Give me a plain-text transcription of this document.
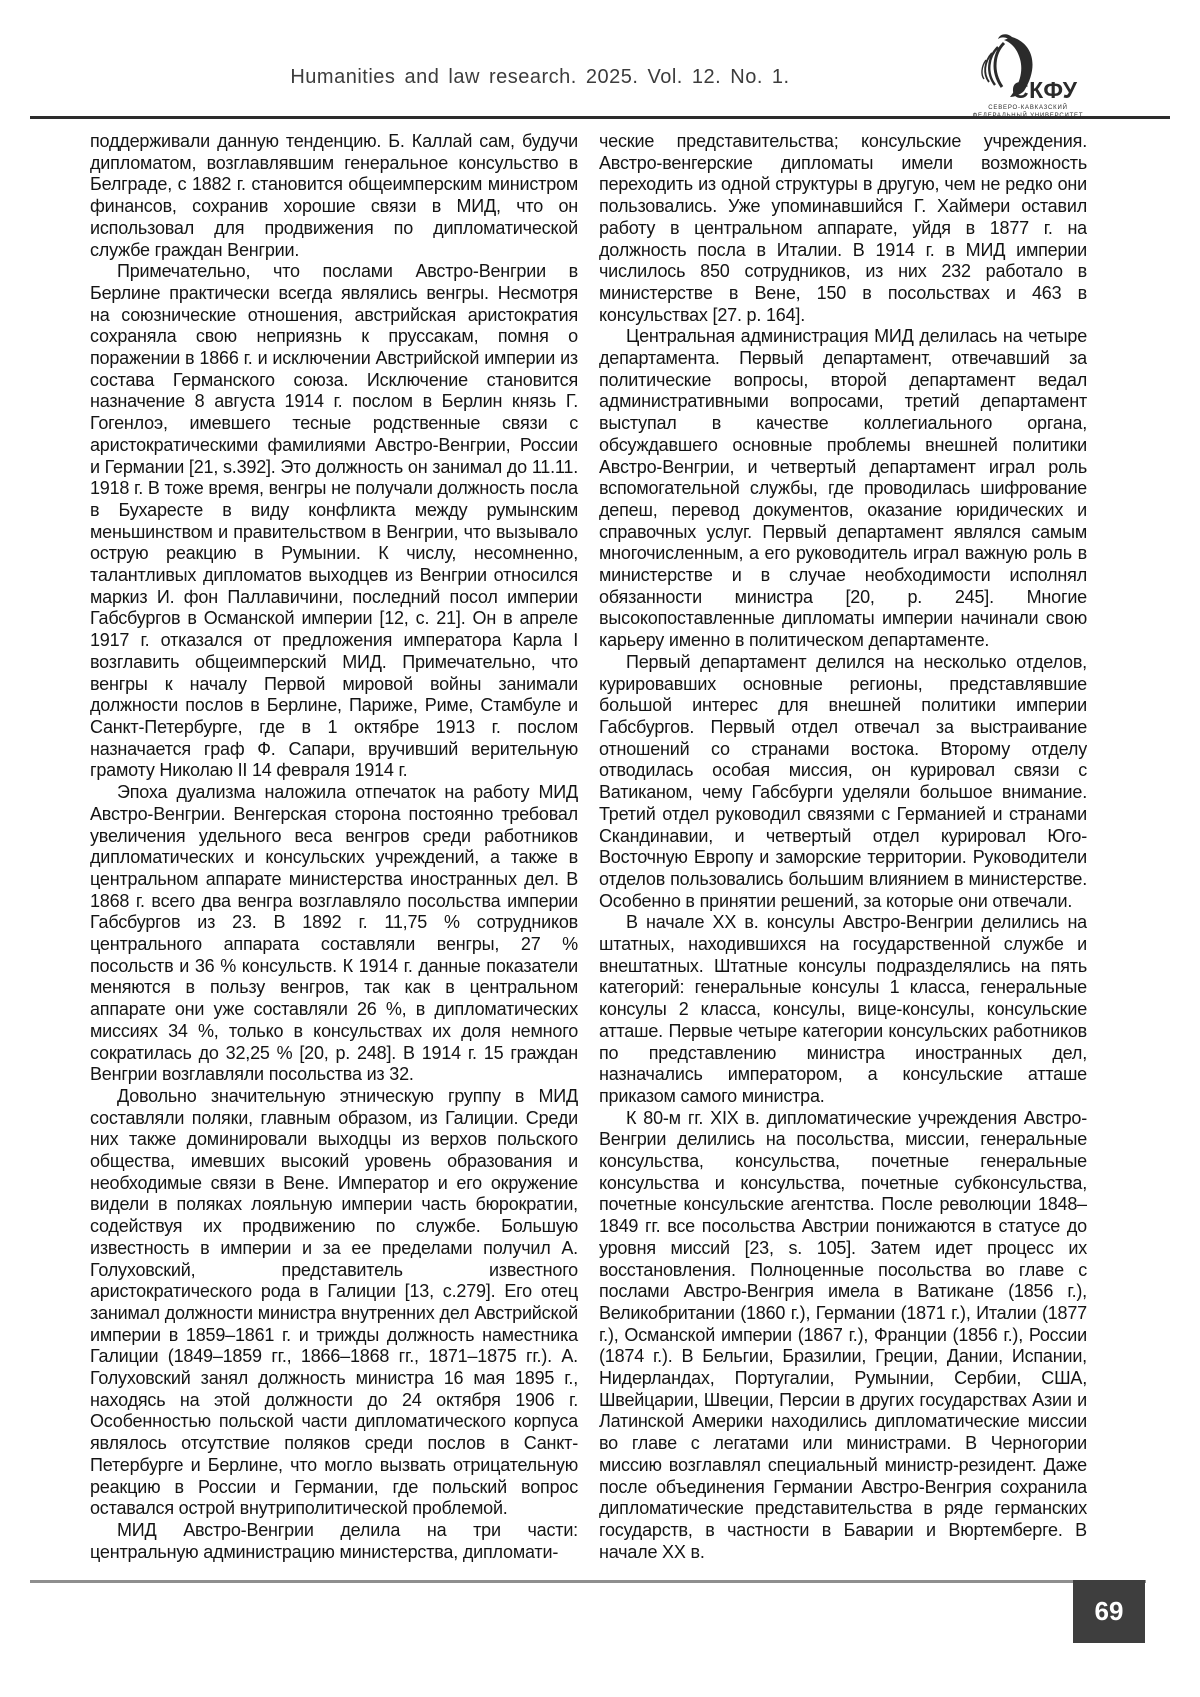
Humanities and law research. 2025. Vol. 12. No. 1.	СКФУ
СЕВЕРО-КАВКАЗСКИЙ

поддерживали данную тенденцию. Б. Каллай сам, будучи дипломатом, возглавлявшим генеральное консульство в Белграде, с 1882 г. становится общеимперским министром финансов, сохранив хорошие связи в МИД, что он использовал для продвижения по дипломатической службе граждан Венгрии.

Примечательно, что послами Австро-Венгрии в Берлине практически всегда являлись венгры. Несмотря на союзнические отношения, австрийская аристократия сохраняла свою неприязнь к пруссакам, помня о поражении в 1866 г. и исключении Австрийской империи из состава Германского союза. Исключение становится назначение 8 августа 1914 г. послом в Берлин князь Г. Гогенлоэ, имевшего тесные родственные связи с аристократическими фамилиями Австро-Венгрии, России и Германии [21, s.392]. Это должность он занимал до 11.11. 1918 г. В тоже время, венгры не получали должность посла в Бухаресте в виду конфликта между румынским меньшинством и правительством в Венгрии, что вызывало острую реакцию в Румынии. К числу, несомненно, талантливых дипломатов выходцев из Венгрии относился маркиз И. фон Паллавичини, последний посол империи Габсбургов в Османской империи [12, с. 21]. Он в апреле 1917 г. отказался от предложения императора Карла I возглавить общеимперский МИД. Примечательно, что венгры к началу Первой мировой войны занимали должности послов в Берлине, Париже, Риме, Стамбуле и Санкт-Петербурге, где в 1 октябре 1913 г. послом назначается граф Ф. Сапари, вручивший верительную грамоту Николаю II 14 февраля 1914 г.

Эпоха дуализма наложила отпечаток на работу МИД Австро-Венгрии. Венгерская сторона постоянно требовал увеличения удельного веса венгров среди работников дипломатических и консульских учреждений, а также в центральном аппарате министерства иностранных дел. В 1868 г. всего два венгра возглавляло посольства империи Габсбургов из 23. В 1892 г. 11,75 % сотрудников центрального аппарата составляли венгры, 27 % посольств и 36 % консульств. К 1914 г. данные показатели меняются в пользу венгров, так как в центральном аппарате они уже составляли 26 %, в дипломатических миссиях 34 %, только в консульствах их доля немного сократилась до 32,25 % [20, p. 248]. В 1914 г. 15 граждан Венгрии возглавляли посольства из 32.

Довольно значительную этническую группу в МИД составляли поляки, главным образом, из Галиции. Среди них также доминировали выходцы из верхов польского общества, имевших высокий уровень образования и необходимые связи в Вене. Император и его окружение видели в поляках лояльную империи часть бюрократии, содействуя их продвижению по службе. Большую известность в империи и за ее пределами получил А. Голуховский, представитель известного аристократического рода в Галиции [13, с.279]. Его отец занимал должности министра внутренних дел Австрийской империи в 1859–1861 г. и трижды должность наместника Галиции (1849–1859 гг., 1866–1868 гг., 1871–1875 гг.). А. Голуховский занял должность министра 16 мая 1895 г., находясь на этой должности до 24 октября 1906 г. Особенностью польской части дипломатического корпуса являлось отсутствие поляков среди послов в Санкт-Петербурге и Берлине, что могло вызвать отрицательную реакцию в России и Германии, где польский вопрос оставался острой внутриполитической проблемой.

МИД Австро-Венгрии делила на три части: центральную администрацию министерства, дипломати-

ческие представительства; консульские учреждения. Австро-венгерские дипломаты имели возможность переходить из одной структуры в другую, чем не редко они пользовались. Уже упоминавшийся Г. Хаймери оставил работу в центральном аппарате, уйдя в 1877 г. на должность посла в Италии. В 1914 г. в МИД империи числилось 850 сотрудников, из них 232 работало в министерстве в Вене, 150 в посольствах и 463 в консульствах [27. p. 164].

Центральная администрация МИД делилась на четыре департамента. Первый департамент, отвечавший за политические вопросы, второй департамент ведал административными вопросами, третий департамент выступал в качестве коллегиального органа, обсуждавшего основные проблемы внешней политики Австро-Венгрии, и четвертый департамент играл роль вспомогательной службы, где проводилась шифрование депеш, перевод документов, оказание юридических и справочных услуг. Первый департамент являлся самым многочисленным, а его руководитель играл важную роль в министерстве и в случае необходимости исполнял обязанности министра [20, p. 245]. Многие высокопоставленные дипломаты империи начинали свою карьеру именно в политическом департаменте.

Первый департамент делился на несколько отделов, курировавших основные регионы, представлявшие большой интерес для внешней политики империи Габсбургов. Первый отдел отвечал за выстраивание отношений со странами востока. Второму отделу отводилась особая миссия, он курировал связи с Ватиканом, чему Габсбурги уделяли большое внимание. Третий отдел руководил связями с Германией и странами Скандинавии, и четвертый отдел курировал Юго-Восточную Европу и заморские территории. Руководители отделов пользовались большим влиянием в министерстве. Особенно в принятии решений, за которые они отвечали.

В начале XX в. консулы Австро-Венгрии делились на штатных, находившихся на государственной службе и внештатных. Штатные консулы подразделялись на пять категорий: генеральные консулы 1 класса, генеральные консулы 2 класса, консулы, вице-консулы, консульские атташе. Первые четыре категории консульских работников по представлению министра иностранных дел, назначались императором, а консульские атташе приказом самого министра.

К 80-м гг. XIX в. дипломатические учреждения Австро-Венгрии делились на посольства, миссии, генеральные консульства, консульства, почетные генеральные консульства и консульства, почетные субконсульства, почетные консульские агентства. После революции 1848–1849 гг. все посольства Австрии понижаются в статусе до уровня миссий [23, s. 105]. Затем идет процесс их восстановления. Полноценные посольства во главе с послами Австро-Венгрия имела в Ватикане (1856 г.), Великобритании (1860 г.), Германии (1871 г.), Италии (1877 г.), Османской империи (1867 г.), Франции (1856 г.), России (1874 г.). В Бельгии, Бразилии, Греции, Дании, Испании, Нидерландах, Португалии, Румынии, Сербии, США, Швейцарии, Швеции, Персии в других государствах Азии и Латинской Америки находились дипломатические миссии во главе с легатами или министрами. В Черногории миссию возглавлял специальный министр-резидент. Даже после объединения Германии Австро-Венгрия сохранила дипломатические представительства в ряде германских государств, в частности в Баварии и Вюртемберге. В начале XX в.

69
